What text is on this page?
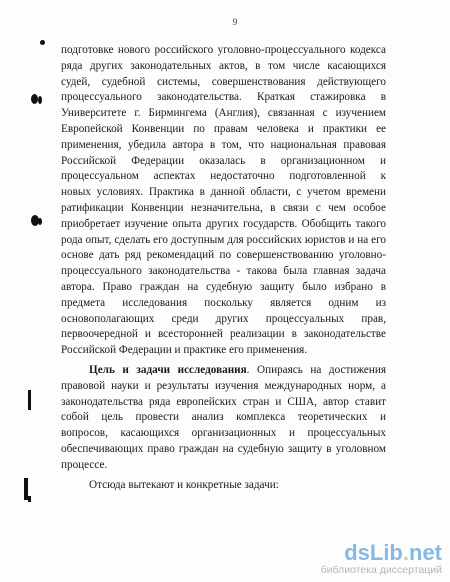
9
подготовке нового российского уголовно-процессуального кодекса
ряда других законодательных актов, в том числе касающихся
судей, судебной системы, совершенствования действующего
процессуального законодательства. Краткая стажировка в
Университете г. Бирмингема (Англия), связанная с изучением
Европейской Конвенции по правам человека и практики ее
применения, убедила автора в том, что национальная правовая
Российской Федерации оказалась в организационном и
процессуальном аспектах недостаточно подготовленной к
новых условиях. Практика в данной области, с учетом времени
ратификации Конвенции незначительна, в связи с чем особое
приобретает изучение опыта других государств. Обобщить такого
рода опыт, сделать его доступным для российских юристов и на его
основе дать ряд рекомендаций по совершенствованию уголовно-
процессуального законодательства - такова была главная задача
автора. Право граждан на судебную защиту было избрано в
предмета исследования поскольку является одним из
основополагающих среди других процессуальных прав,
первоочередной и всесторонней реализации в законодательстве
Российской Федерации и практике его применения.
Цель и задачи исследования. Опираясь на достижения
правовой науки и результаты изучения международных норм, а
законодательства ряда европейских стран и США, автор ставит
собой цель провести анализ комплекса теоретических и
вопросов, касающихся организационных и процессуальных
обеспечивающих право граждан на судебную защиту в уголовном
процессе.
Отсюда вытекают и конкретные задачи:
dsLib.net
библиотека диссертаций
